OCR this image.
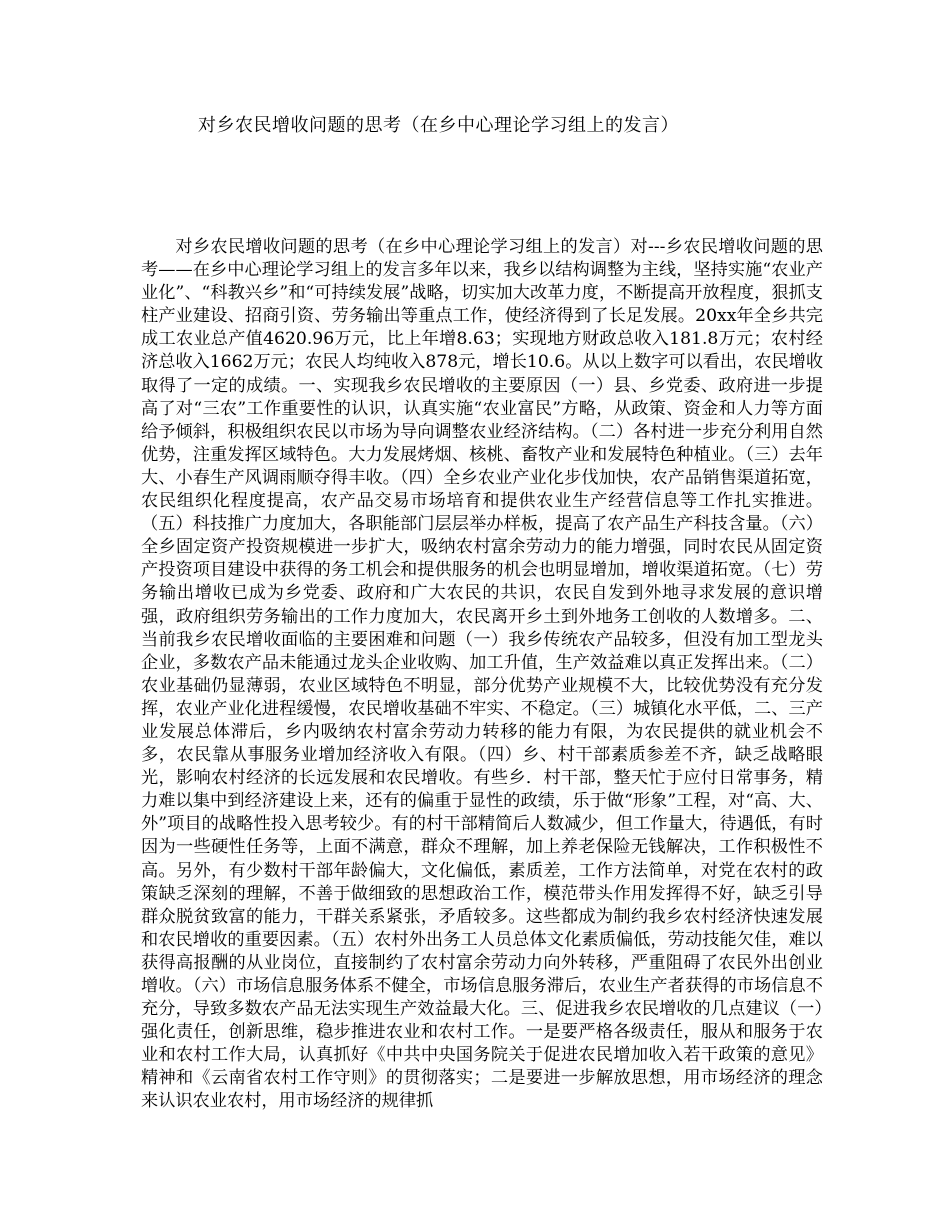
对乡农民增收问题的思考（在乡中心理论学习组上的发言）

对乡农民增收问题的思考（在乡中心理论学习组上的发言）对---乡农民增收问题的思考——在乡中心理论学习组上的发言多年以来，我乡以结构调整为主线，坚持实施“农业产业化”、“科教兴乡”和“可持续发展”战略，切实加大改革力度，不断提高开放程度，狠抓支柱产业建设、招商引资、劳务输出等重点工作，使经济得到了长足发展。20xx年全乡共完成工农业总产值4620.96万元，比上年增8.63；实现地方财政总收入181.8万元；农村经济总收入1662万元；农民人均纯收入878元，增长10.6。从以上数字可以看出，农民增收取得了一定的成绩。一、实现我乡农民增收的主要原因（一）县、乡党委、政府进一步提高了对“三农”工作重要性的认识，认真实施“农业富民”方略，从政策、资金和人力等方面给予倾斜，积极组织农民以市场为导向调整农业经济结构。（二）各村进一步充分利用自然优势，注重发挥区域特色。大力发展烤烟、核桃、畜牧产业和发展特色种植业。（三）去年大、小春生产风调雨顺夺得丰收。（四）全乡农业产业化步伐加快，农产品销售渠道拓宽，农民组织化程度提高，农产品交易市场培育和提供农业生产经营信息等工作扎实推进。（五）科技推广力度加大，各职能部门层层举办样板，提高了农产品生产科技含量。（六）全乡固定资产投资规模进一步扩大，吸纳农村富余劳动力的能力增强，同时农民从固定资产投资项目建设中获得的务工机会和提供服务的机会也明显增加，增收渠道拓宽。（七）劳务输出增收已成为乡党委、政府和广大农民的共识，农民自发到外地寻求发展的意识增强，政府组织劳务输出的工作力度加大，农民离开乡土到外地务工创收的人数增多。二、当前我乡农民增收面临的主要困难和问题（一）我乡传统农产品较多，但没有加工型龙头企业，多数农产品未能通过龙头企业收购、加工升值，生产效益难以真正发挥出来。（二）农业基础仍显薄弱，农业区域特色不明显，部分优势产业规模不大，比较优势没有充分发挥，农业产业化进程缓慢，农民增收基础不牢实、不稳定。（三）城镇化水平低，二、三产业发展总体滞后，乡内吸纳农村富余劳动力转移的能力有限，为农民提供的就业机会不多，农民靠从事服务业增加经济收入有限。（四）乡、村干部素质参差不齐，缺乏战略眼光，影响农村经济的长远发展和农民增收。有些乡．村干部，整天忙于应付日常事务，精力难以集中到经济建设上来，还有的偏重于显性的政绩，乐于做“形象”工程，对“高、大、外”项目的战略性投入思考较少。有的村干部精简后人数减少，但工作量大，待遇低，有时因为一些硬性任务等，上面不满意，群众不理解，加上养老保险无钱解决，工作积极性不高。另外，有少数村干部年龄偏大，文化偏低，素质差，工作方法简单，对党在农村的政策缺乏深刻的理解，不善于做细致的思想政治工作，模范带头作用发挥得不好，缺乏引导群众脱贫致富的能力，干群关系紧张，矛盾较多。这些都成为制约我乡农村经济快速发展和农民增收的重要因素。（五）农村外出务工人员总体文化素质偏低，劳动技能欠佳，难以获得高报酬的从业岗位，直接制约了农村富余劳动力向外转移，严重阻碍了农民外出创业增收。（六）市场信息服务体系不健全，市场信息服务滞后，农业生产者获得的市场信息不充分，导致多数农产品无法实现生产效益最大化。三、促进我乡农民增收的几点建议（一）强化责任，创新思维，稳步推进农业和农村工作。一是要严格各级责任，服从和服务于农业和农村工作大局，认真抓好《中共中央国务院关于促进农民增加收入若干政策的意见》精神和《云南省农村工作守则》的贯彻落实；二是要进一步解放思想，用市场经济的理念来认识农业农村，用市场经济的规律抓
